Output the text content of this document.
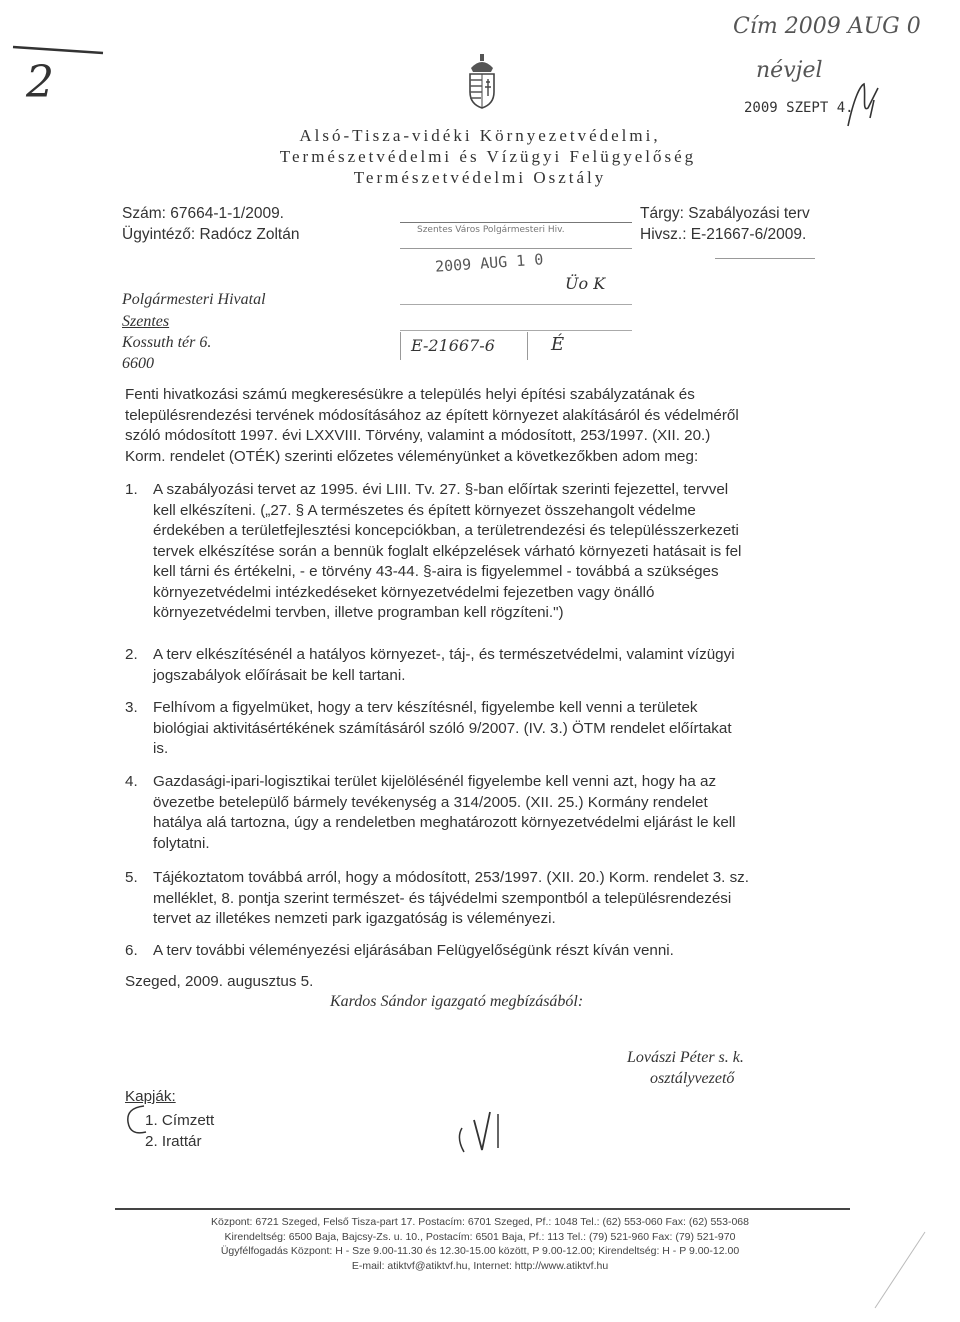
2
Cím 2009 AUG 0
névjel
2009 SZEPT 4.
Alsó-Tisza-vidéki Környezetvédelmi,
Természetvédelmi és Vízügyi Felügyelőség
Természetvédelmi Osztály
Szám: 67664-1-1/2009.
Ügyintéző: Radócz Zoltán
Tárgy: Szabályozási terv
Hivsz.: E-21667-6/2009.
Szentes Város Polgármesteri Hiv.
2009 AUG 1 0
Üo K
E-21667-6	É
Polgármesteri Hivatal
Szentes
Kossuth tér 6.
6600
Fenti hivatkozási számú megkeresésükre a település helyi építési szabályzatának és
településrendezési tervének módosításához az épített környezet alakításáról és védelméről
szóló módosított 1997. évi LXXVIII. Törvény, valamint a módosított, 253/1997. (XII. 20.)
Korm. rendelet (OTÉK) szerinti előzetes véleményünket a következőkben adom meg:
1. A szabályozási tervet az 1995. évi LIII. Tv. 27. §-ban előírtak szerinti fejezettel, tervvel
kell elkészíteni. („27. § A természetes és épített környezet összehangolt védelme
érdekében a területfejlesztési koncepciókban, a területrendezési és településszerkezeti
tervek elkészítése során a bennük foglalt elképzelések várható környezeti hatásait is fel
kell tárni és értékelni, - e törvény 43-44. §-aira is figyelemmel - továbbá a szükséges
környezetvédelmi intézkedéseket környezetvédelmi fejezetben vagy önálló
környezetvédelmi tervben, illetve programban kell rögzíteni.")
2. A terv elkészítésénél a hatályos környezet-, táj-, és természetvédelmi, valamint vízügyi
jogszabályok előírásait be kell tartani.
3. Felhívom a figyelmüket, hogy a terv készítésnél, figyelembe kell venni a területek
biológiai aktivitásértékének számításáról szóló 9/2007. (IV. 3.) ÖTM rendelet előírtakat
is.
4. Gazdasági-ipari-logisztikai terület kijelölésénél figyelembe kell venni azt, hogy ha az
övezetbe betelepülő bármely tevékenység a 314/2005. (XII. 25.) Kormány rendelet
hatálya alá tartozna, úgy a rendeletben meghatározott környezetvédelmi eljárást le kell
folytatni.
5. Tájékoztatom továbbá arról, hogy a módosított, 253/1997. (XII. 20.) Korm. rendelet 3. sz.
melléklet, 8. pontja szerint természet- és tájvédelmi szempontból a településrendezési
tervet az illetékes nemzeti park igazgatóság is véleményezi.
6. A terv további véleményezési eljárásában Felügyelőségünk részt kíván venni.
Szeged, 2009. augusztus 5.
Kardos Sándor igazgató megbízásából:
Lovászi Péter s. k.
osztályvezető
Kapják:
1. Címzett
2. Irattár
Központ: 6721 Szeged, Felső Tisza-part 17. Postacím: 6701 Szeged, Pf.: 1048 Tel.: (62) 553-060 Fax: (62) 553-068
Kirendeltség: 6500 Baja, Bajcsy-Zs. u. 10., Postacím: 6501 Baja, Pf.: 113 Tel.: (79) 521-960 Fax: (79) 521-970
Ügyfélfogadás Központ: H - Sze 9.00-11.30 és 12.30-15.00 között, P 9.00-12.00; Kirendeltség: H - P 9.00-12.00
E-mail: atiktvf@atiktvf.hu, Internet: http://www.atiktvf.hu
